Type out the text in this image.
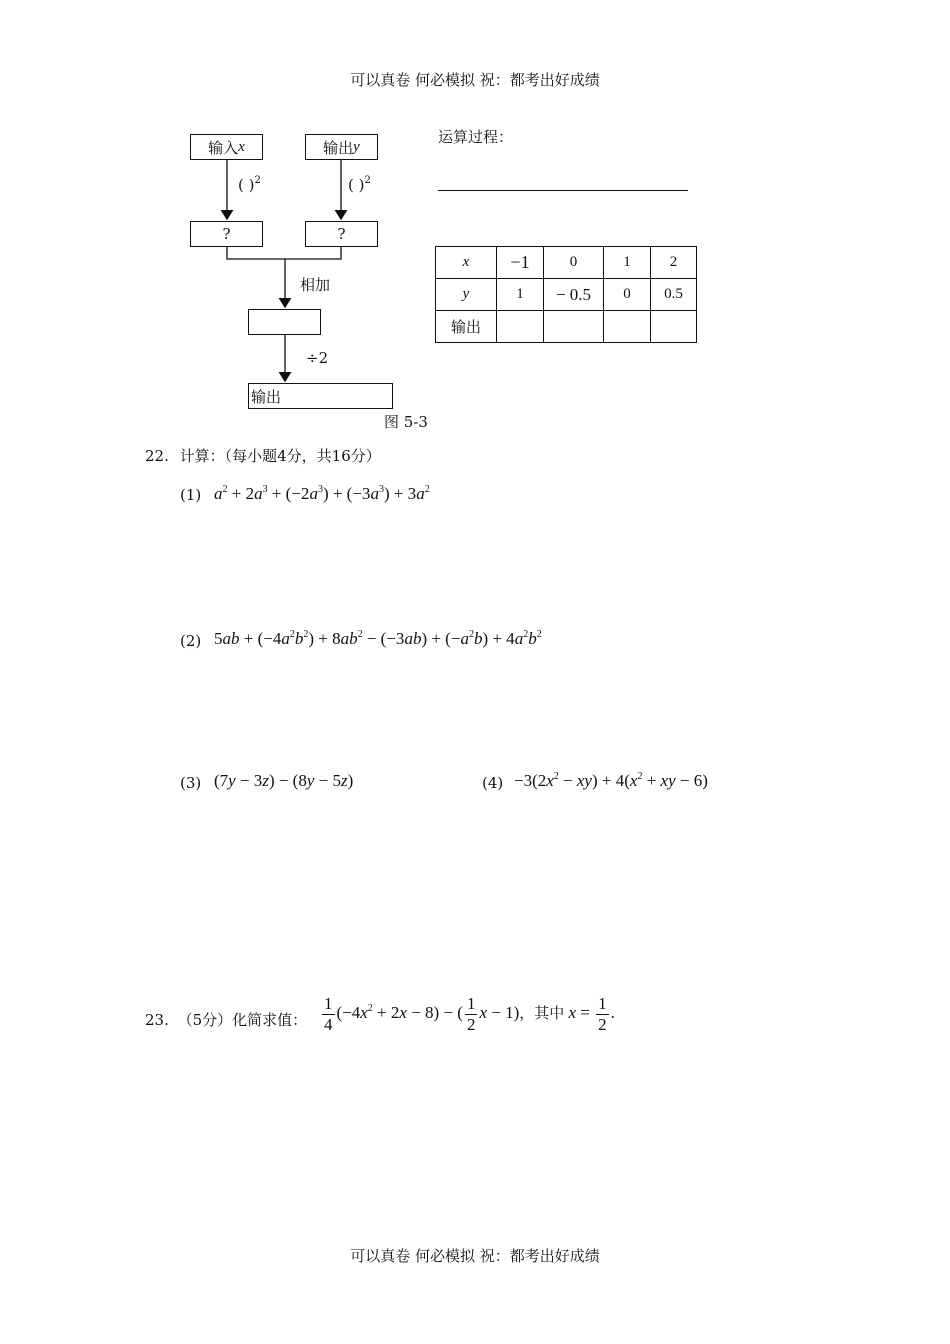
可以真卷 何必模拟 祝：都考出好成绩
输入 x	输出 y
( )$^2$	( )$^2$
?	?
相加
÷2
输出
图 5-3
运算过程：
x	−1	0	1	2
y	1	− 0.5	0	0.5
输出				
22. 计算：（每小题4分，共16分）
(1) $a^2 + 2a^3 + (-2a^3) + (-3a^3) + 3a^2$
(2) $5ab + (-4a^2b^2) + 8ab^2 - (-3ab) + (-a^2b) + 4a^2b^2$
(3) (7y − 3z) − (8y − 5z)	$(4) -3(2x^2 - xy) + 4(x^2$ + xy − 6)
23. （5分）化简求值： $\frac{1}{4} (-4x^2 + 2x - 8)$ − ( $\frac{1}{2}$ x − 1)，其中 $x = \frac{1}{2}$ .
可以真卷 何必模拟 祝：都考出好成绩
